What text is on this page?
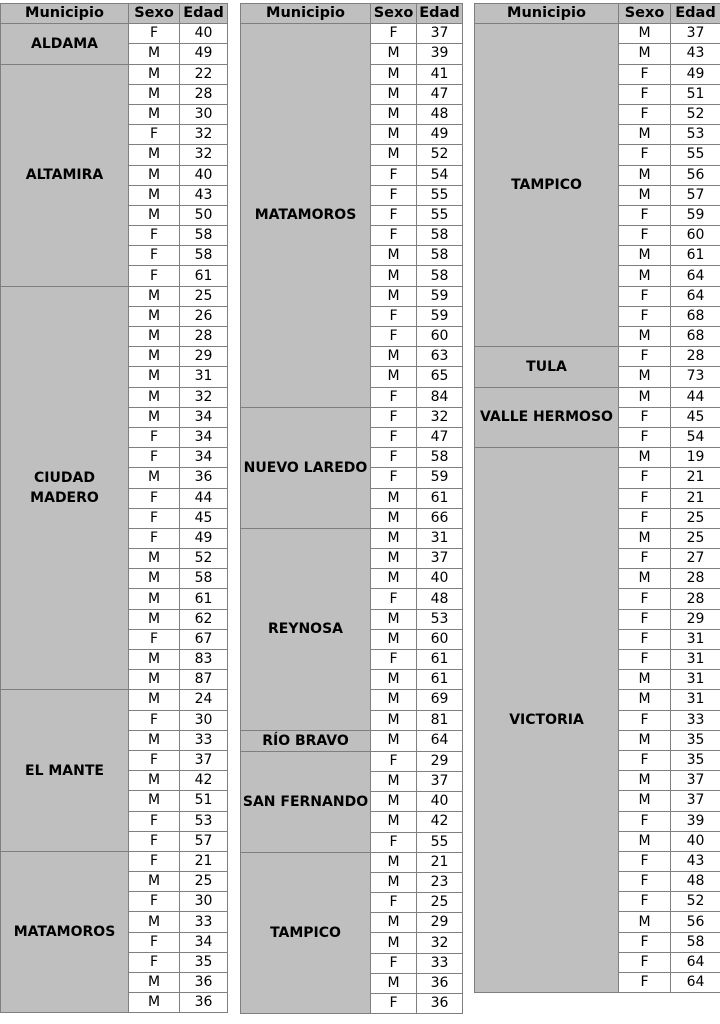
Municipio	Sexo	Edad
ALDAMA	F	40
	M	49
ALTAMIRA	M	22
	M	28
	M	30
	F	32
	M	32
	M	40
	M	43
	M	50
	F	58
	F	58
	F	61
CIUDAD MADERO	M	25
	M	26
	M	28
	M	29
	M	31
	M	32
	M	34
	F	34
	F	34
	M	36
	F	44
	F	45
	F	49
	M	52
	M	58
	M	61
	M	62
	F	67
	M	83
	M	87
EL MANTE	M	24
	F	30
	M	33
	F	37
	M	42
	M	51
	F	53
	F	57
MATAMOROS	F	21
	M	25
	F	30
	M	33
	F	34
	F	35
	M	36
	M	36
Municipio	Sexo	Edad
MATAMOROS	F	37
	M	39
	M	41
	M	47
	M	48
	M	49
	M	52
	F	54
	F	55
	F	55
	F	58
	M	58
	M	58
	M	59
	F	59
	F	60
	M	63
	M	65
	F	84
NUEVO LAREDO	F	32
	F	47
	F	58
	F	59
	M	61
	M	66
REYNOSA	M	31
	M	37
	M	40
	F	48
	M	53
	M	60
	F	61
	M	61
	M	69
	M	81
RÍO BRAVO	M	64
SAN FERNANDO	F	29
	M	37
	M	40
	M	42
	F	55
TAMPICO	M	21
	M	23
	F	25
	M	29
	M	32
	F	33
	M	36
	F	36
Municipio	Sexo	Edad
TAMPICO	M	37
	M	43
	F	49
	F	51
	F	52
	M	53
	F	55
	M	56
	M	57
	F	59
	F	60
	M	61
	M	64
	F	64
	F	68
	M	68
TULA	F	28
	M	73
VALLE HERMOSO	M	44
	F	45
	F	54
VICTORIA	M	19
	F	21
	F	21
	F	25
	M	25
	F	27
	M	28
	F	28
	F	29
	F	31
	F	31
	M	31
	M	31
	F	33
	M	35
	F	35
	M	37
	M	37
	F	39
	M	40
	F	43
	F	48
	F	52
	M	56
	F	58
	F	64
	F	64
